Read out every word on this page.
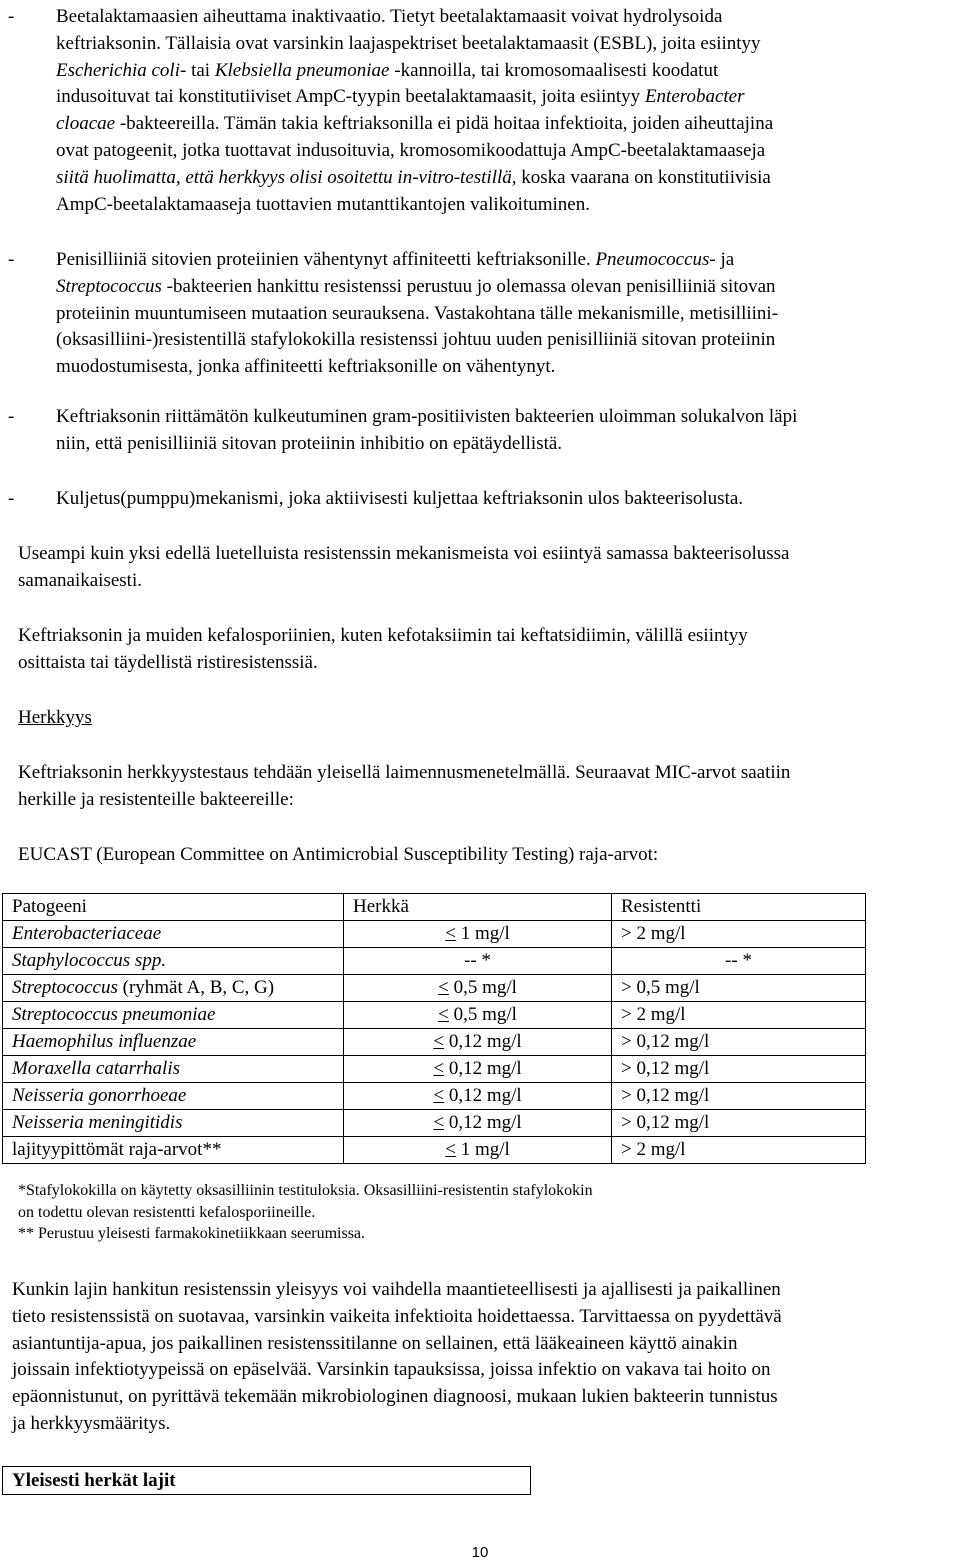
- Beetalaktamaasien aiheuttama inaktivaatio. Tietyt beetalaktamaasit voivat hydrolysoida
keftriaksonin. Tällaisia ovat varsinkin laajaspektriset beetalaktamaasit (ESBL), joita esiintyy
Escherichia coli- tai Klebsiella pneumoniae -kannoilla, tai kromosomaalisesti koodatut
indusoituvat tai konstitutiiviset AmpC-tyypin beetalaktamaasit, joita esiintyy Enterobacter
cloacae -bakteereilla. Tämän takia keftriaksonilla ei pidä hoitaa infektioita, joiden aiheuttajina
ovat patogeenit, jotka tuottavat indusoituvia, kromosomikoodattuja AmpC-beetalaktamaaseja
siitä huolimatta, että herkkyys olisi osoitettu in-vitro-testillä, koska vaarana on konstitutiivisia
AmpC-beetalaktamaaseja tuottavien mutanttikantojen valikoituminen.
- Penisilliiniä sitovien proteiinien vähentynyt affiniteetti keftriaksonille. Pneumococcus- ja
Streptococcus -bakteerien hankittu resistenssi perustuu jo olemassa olevan penisilliiniä sitovan
proteiinin muuntumiseen mutaation seurauksena. Vastakohtana tälle mekanismille, metisilliini-
(oksasilliini-)resistentillä stafylokokilla resistenssi johtuu uuden penisilliiniä sitovan proteiinin
muodostumisesta, jonka affiniteetti keftriaksonille on vähentynyt.
- Keftriaksonin riittämätön kulkeutuminen gram-positiivisten bakteerien uloimman solukalvon läpi
niin, että penisilliiniä sitovan proteiinin inhibitio on epätäydellistä.
- Kuljetus(pumppu)mekanismi, joka aktiivisesti kuljettaa keftriaksonin ulos bakteerisolusta.
Useampi kuin yksi edellä luetelluista resistenssin mekanismeista voi esiintyä samassa bakteerisolussa
samanaikaisesti.
Keftriaksonin ja muiden kefalosporiinien, kuten kefotaksiimin tai keftatsidiimin, välillä esiintyy
osittaista tai täydellistä ristiresistenssiä.
Herkkyys
Keftriaksonin herkkyystestaus tehdään yleisellä laimennusmenetelmällä. Seuraavat MIC-arvot saatiin
herkille ja resistenteille bakteereille:
EUCAST (European Committee on Antimicrobial Susceptibility Testing) raja-arvot:
Patogeeni	Herkkä	Resistentti
Enterobacteriaceae	≤ 1 mg/l	> 2 mg/l
Staphylococcus spp.	-- *	-- *
Streptococcus (ryhmät A, B, C, G)	≤ 0,5 mg/l	> 0,5 mg/l
Streptococcus pneumoniae	≤ 0,5 mg/l	> 2 mg/l
Haemophilus influenzae	≤ 0,12 mg/l	> 0,12 mg/l
Moraxella catarrhalis	≤ 0,12 mg/l	> 0,12 mg/l
Neisseria gonorrhoeae	≤ 0,12 mg/l	> 0,12 mg/l
Neisseria meningitidis	≤ 0,12 mg/l	> 0,12 mg/l
lajityypittömät raja-arvot**	≤ 1 mg/l	> 2 mg/l
*Stafylokokilla on käytetty oksasilliinin testituloksia. Oksasilliini-resistentin stafylokokin
on todettu olevan resistentti kefalosporiineille.
** Perustuu yleisesti farmakokinetiikkaan seerumissa.
Kunkin lajin hankitun resistenssin yleisyys voi vaihdella maantieteellisesti ja ajallisesti ja paikallinen
tieto resistenssistä on suotavaa, varsinkin vaikeita infektioita hoidettaessa. Tarvittaessa on pyydettävä
asiantuntija-apua, jos paikallinen resistenssitilanne on sellainen, että lääkeaineen käyttö ainakin
joissain infektiotyypeissä on epäselvää. Varsinkin tapauksissa, joissa infektio on vakava tai hoito on
epäonnistunut, on pyrittävä tekemään mikrobiologinen diagnoosi, mukaan lukien bakteerin tunnistus
ja herkkyysmääritys.
Yleisesti herkät lajit
10
